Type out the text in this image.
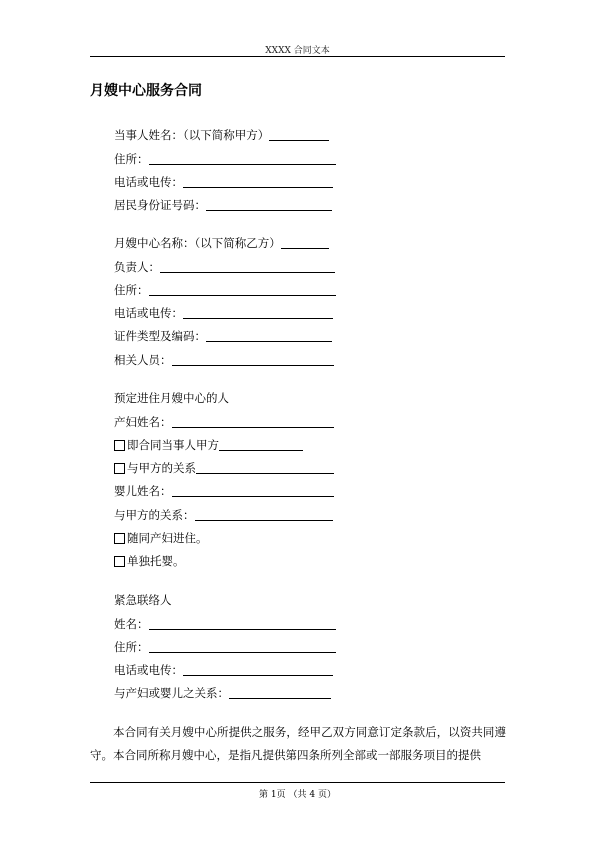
XXXX 合同文本
月嫂中心服务合同
当事人姓名：（以下简称甲方）
住所：
电话或电传：
居民身份证号码：
月嫂中心名称：（以下简称乙方）
负责人：
住所：
电话或电传：
证件类型及编码：
相关人员：
预定进住月嫂中心的人
产妇姓名：
即合同当事人甲方
与甲方的关系
婴儿姓名：
与甲方的关系：
随同产妇进住。
单独托婴。
紧急联络人
姓名：
住所：
电话或电传：
与产妇或婴儿之关系：
本合同有关月嫂中心所提供之服务，经甲乙双方同意订定条款后，以资共同遵守。本合同所称月嫂中心，是指凡提供第四条所列全部或一部服务项目的提供
第 1页 （共 4 页）
